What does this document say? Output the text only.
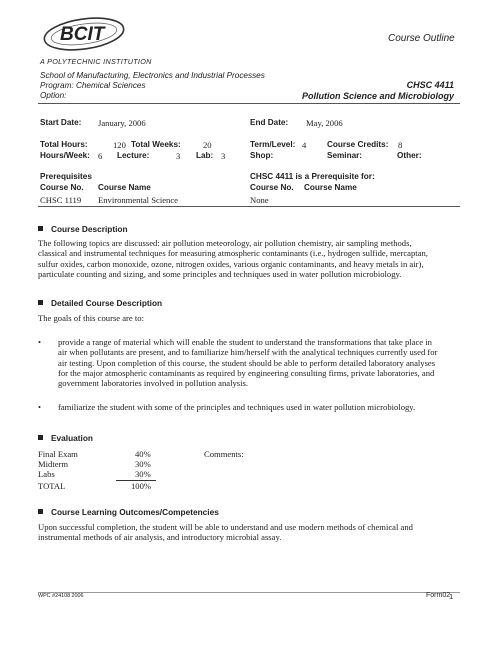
BCIT
A POLYTECHNIC INSTITUTION
Course Outline
School of Manufacturing, Electronics and Industrial Processes
Program: Chemical Sciences
Option:
CHSC 4411
Pollution Science and Microbiology
Start Date: January, 2006	End Date: May, 2006
Total Hours:	120 Total Weeks:	20	Term/Level: 4	Course Credits: 8
Hours/Week: 6 Lecture:	3 Lab: 3	Shop:	Seminar:	Other:
Prerequisites
Course No. Course Name
CHSC 1119 Environmental Science
CHSC 4411 is a Prerequisite for:
Course No. Course Name
None
Course Description
The following topics are discussed: air pollution meteorology, air pollution chemistry, air sampling methods,
classical and instrumental techniques for measuring atmospheric contaminants (i.e., hydrogen sulfide, mercaptan,
sulfur oxides, carbon monoxide, ozone, nitrogen oxides, various organic contaminants, and heavy metals in air),
particulate counting and sizing, and some principles and techniques used in water pollution microbiology.
Detailed Course Description
The goals of this course are to:
• provide a range of material which will enable the student to understand the transformations that take place in
air when pollutants are present, and to familiarize him/herself with the analytical techniques currently used for
air testing. Upon completion of this course, the student should be able to perform detailed laboratory analyses
for the major atmospheric contaminants as required by engineering consulting firms, private laboratories, and
government laboratories involved in pollution analysis.
• familiarize the student with some of the principles and techniques used in water pollution microbiology.
Evaluation
Final Exam	40%
Midterm	30%
Labs	30%
TOTAL	100%
Comments:
Course Learning Outcomes/Competencies
Upon successful completion, the student will be able to understand and use modern methods of chemical and
instrumental methods of air analysis, and introductory microbial assay.
WPC #24108 2006	Form02
1
